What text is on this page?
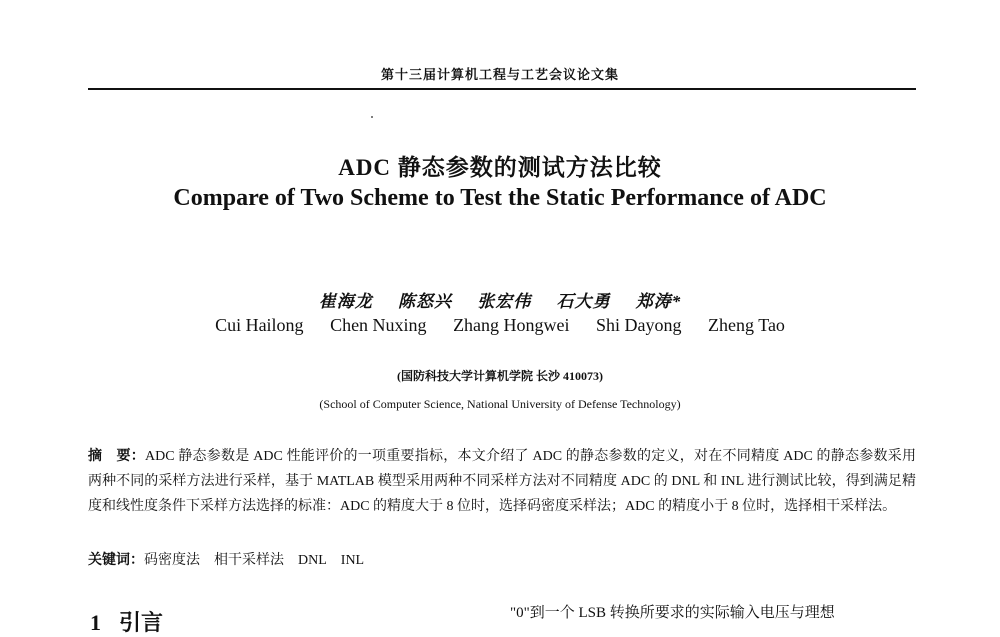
第十三届计算机工程与工艺会议论文集
ADC 静态参数的测试方法比较
Compare of Two Scheme to Test the Static Performance of ADC
崔海龙 陈怒兴 张宏伟 石大勇 郑涛*
Cui Hailong Chen Nuxing Zhang Hongwei Shi Dayong Zheng Tao
(国防科技大学计算机学院 长沙 410073)
(School of Computer Science, National University of Defense Technology)
摘　要：ADC 静态参数是 ADC 性能评价的一项重要指标，本文介绍了 ADC 的静态参数的定义，对在不同精度 ADC 的静态参数采用两种不同的采样方法进行采样，基于 MATLAB 模型采用两种不同采样方法对不同精度 ADC 的 DNL 和 INL 进行测试比较，得到满足精度和线性度条件下采样方法选择的标准：ADC 的精度大于 8 位时，选择码密度采样法；ADC 的精度小于 8 位时，选择相干采样法。
关键词：码密度法 相干采样法 DNL INL
1 引言	"0"到一个 LSB 转换所要求的实际输入电压与理想
